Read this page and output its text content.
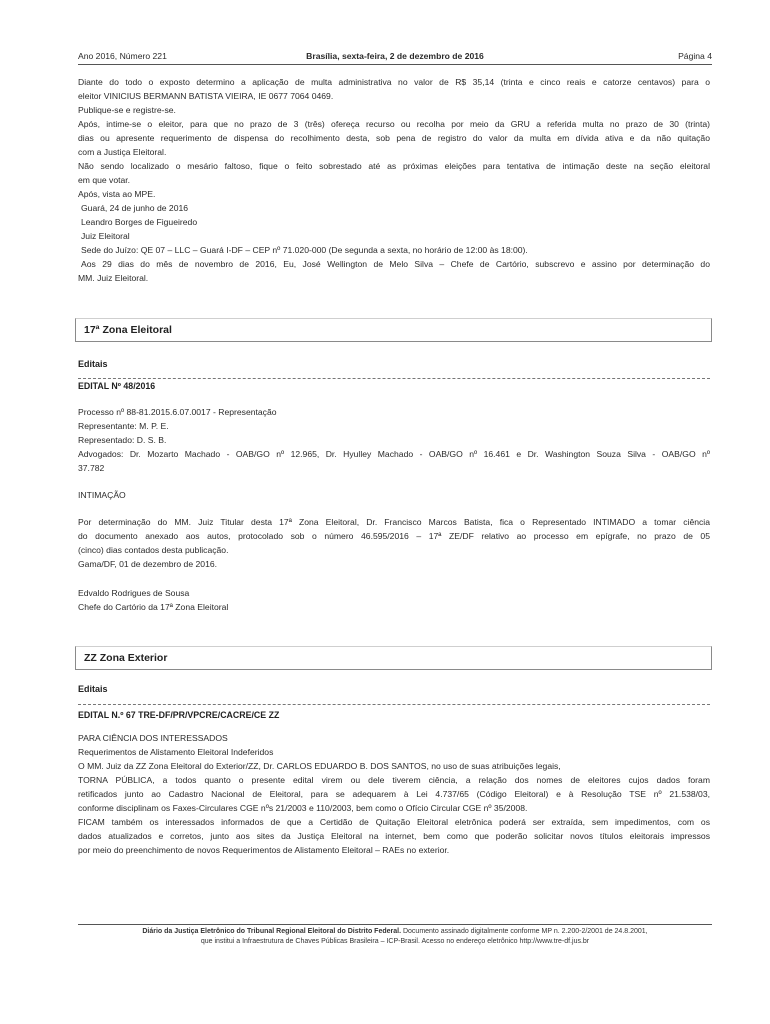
Ano 2016, Número 221	Brasília, sexta-feira, 2 de dezembro de 2016	Página 4
Diante do todo o exposto determino a aplicação de multa administrativa no valor de R$ 35,14 (trinta e cinco reais e catorze centavos) para o
eleitor VINICIUS BERMANN BATISTA VIEIRA, IE 0677 7064 0469.
Publique-se e registre-se.
Após, intime-se o eleitor, para que no prazo de 3 (três) ofereça recurso ou recolha por meio da GRU a referida multa no prazo de 30 (trinta)
dias ou apresente requerimento de dispensa do recolhimento desta, sob pena de registro do valor da multa em dívida ativa e da não quitação
com a Justiça Eleitoral.
Não sendo localizado o mesário faltoso, fique o feito sobrestado até as próximas eleições para tentativa de intimação deste na seção eleitoral
em que votar.
Após, vista ao MPE.
Guará, 24 de junho de 2016
Leandro Borges de Figueiredo
Juiz Eleitoral
Sede do Juízo: QE 07 – LLC – Guará I-DF – CEP nº 71.020-000 (De segunda a sexta, no horário de 12:00 às 18:00).
Aos 29 dias do mês de novembro de 2016, Eu, José Wellington de Melo Silva – Chefe de Cartório, subscrevo e assino por determinação do
MM. Juiz Eleitoral.
17ª Zona Eleitoral
Editais
EDITAL Nº 48/2016
Processo nº 88-81.2015.6.07.0017 - Representação
Representante: M. P. E.
Representado: D. S. B.
Advogados: Dr. Mozarto Machado - OAB/GO nº 12.965, Dr. Hyulley Machado - OAB/GO nº 16.461 e Dr. Washington Souza Silva - OAB/GO nº
37.782
INTIMAÇÃO
Por determinação do MM. Juiz Titular desta 17ª Zona Eleitoral, Dr. Francisco Marcos Batista, fica o Representado INTIMADO a tomar ciência
do documento anexado aos autos, protocolado sob o número 46.595/2016 – 17ª ZE/DF relativo ao processo em epígrafe, no prazo de 05
(cinco) dias contados desta publicação.
Gama/DF, 01 de dezembro de 2016.
Edvaldo Rodrigues de Sousa
Chefe do Cartório da 17ª Zona Eleitoral
ZZ Zona Exterior
Editais
EDITAL N.º 67 TRE-DF/PR/VPCRE/CACRE/CE ZZ
PARA CIÊNCIA DOS INTERESSADOS
Requerimentos de Alistamento Eleitoral Indeferidos
O MM. Juiz da ZZ Zona Eleitoral do Exterior/ZZ, Dr. CARLOS EDUARDO B. DOS SANTOS, no uso de suas atribuições legais,
TORNA PÚBLICA, a todos quanto o presente edital virem ou dele tiverem ciência, a relação dos nomes de eleitores cujos dados foram
retificados junto ao Cadastro Nacional de Eleitoral, para se adequarem à Lei 4.737/65 (Código Eleitoral) e à Resolução TSE nº 21.538/03,
conforme disciplinam os Faxes-Circulares CGE nºs 21/2003 e 110/2003, bem como o Ofício Circular CGE nº 35/2008.
FICAM também os interessados informados de que a Certidão de Quitação Eleitoral eletrônica poderá ser extraída, sem impedimentos, com os
dados atualizados e corretos, junto aos sites da Justiça Eleitoral na internet, bem como que poderão solicitar novos títulos eleitorais impressos
por meio do preenchimento de novos Requerimentos de Alistamento Eleitoral – RAEs no exterior.
Diário da Justiça Eletrônico do Tribunal Regional Eleitoral do Distrito Federal. Documento assinado digitalmente conforme MP n. 2.200-2/2001 de 24.8.2001,
que institui a Infraestrutura de Chaves Públicas Brasileira – ICP-Brasil. Acesso no endereço eletrônico http://www.tre-df.jus.br
